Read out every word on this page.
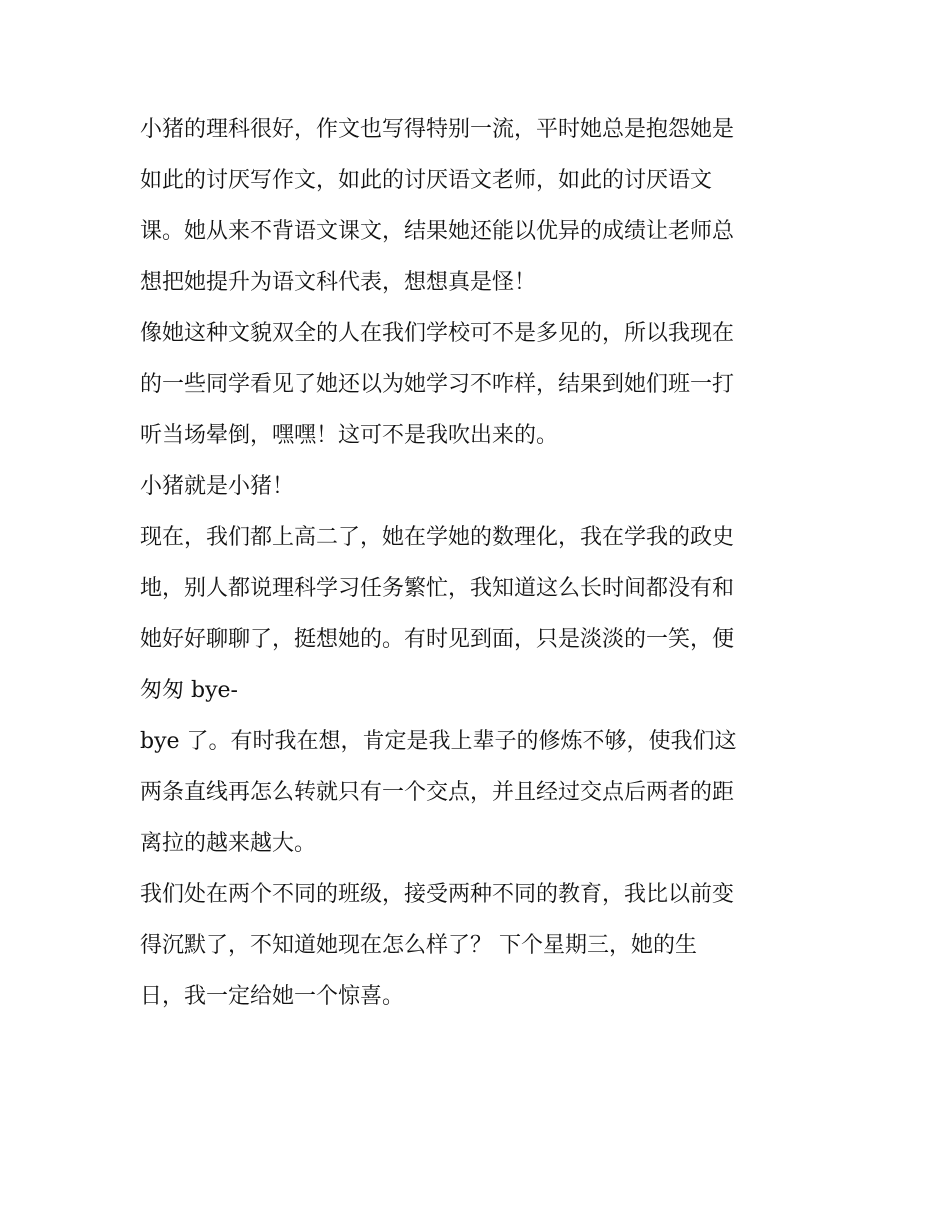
小猪的理科很好，作文也写得特别一流，平时她总是抱怨她是
如此的讨厌写作文，如此的讨厌语文老师，如此的讨厌语文
课。她从来不背语文课文，结果她还能以优异的成绩让老师总
想把她提升为语文科代表，想想真是怪！
像她这种文貌双全的人在我们学校可不是多见的，所以我现在
的一些同学看见了她还以为她学习不咋样，结果到她们班一打
听当场晕倒，嘿嘿！这可不是我吹出来的。
小猪就是小猪！
现在，我们都上高二了，她在学她的数理化，我在学我的政史
地，别人都说理科学习任务繁忙，我知道这么长时间都没有和
她好好聊聊了，挺想她的。有时见到面，只是淡淡的一笑，便
匆匆 bye-
bye 了。有时我在想，肯定是我上辈子的修炼不够，使我们这
两条直线再怎么转就只有一个交点，并且经过交点后两者的距
离拉的越来越大。
我们处在两个不同的班级，接受两种不同的教育，我比以前变
得沉默了，不知道她现在怎么样了？ 下个星期三，她的生
日，我一定给她一个惊喜。
